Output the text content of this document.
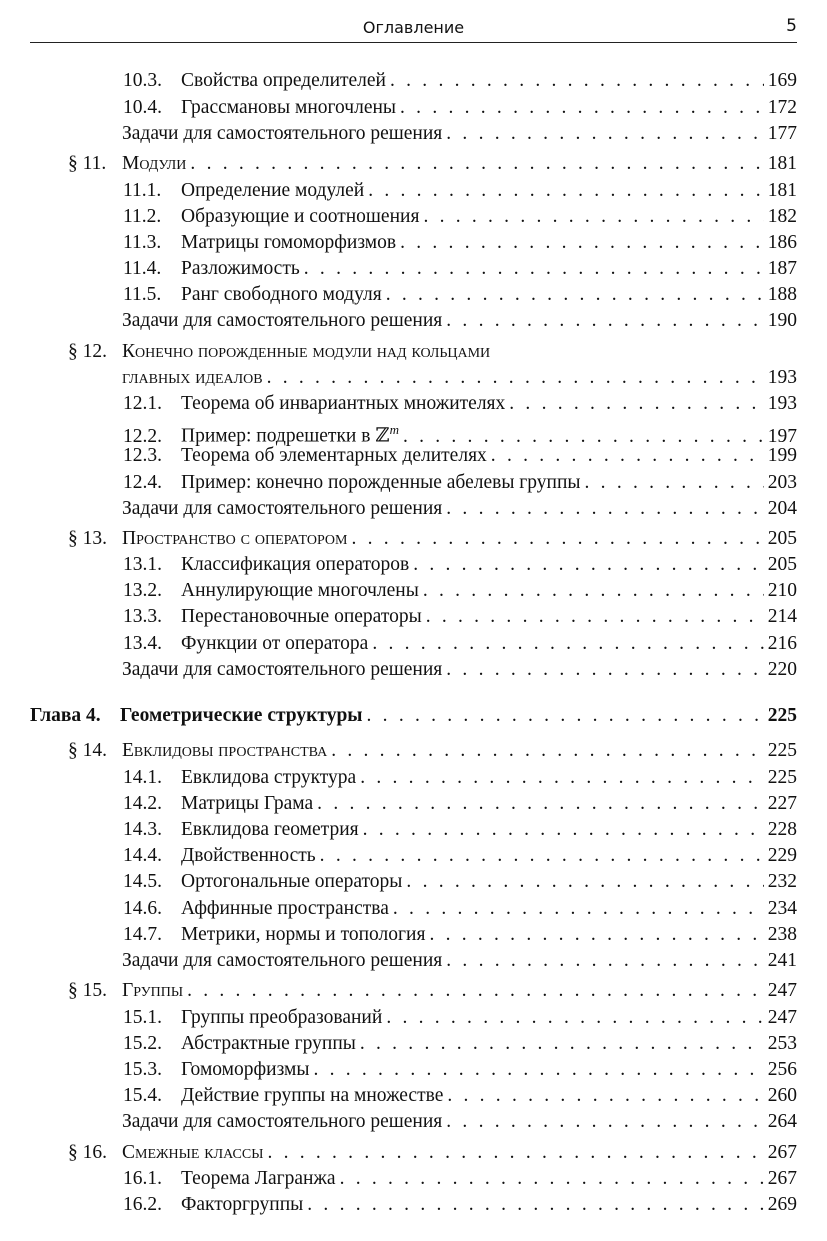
Оглавление	5
10.3. Свойства определителей . . .	169
10.4. Грассмановы многочлены . . .	172
Задачи для самостоятельного решения . . .	177
§ 11. Модули . . .	181
11.1.	Определение модулей . . .	181
11.2.	Образующие и соотношения . . .	182
11.3.	Матрицы гомоморфизмов . . .	186
11.4.	Разложимость . . .	187
11.5.	Ранг свободного модуля . . .	188
Задачи для самостоятельного решения . . .	190
§ 12. Конечно порожденные модули над кольцами
главных идеалов . . .	193
12.1. Теорема об инвариантных множителях . . .	193
12.2. Пример: подрешетки в ℤ$^m$ . . .	197
12.3. Теорема об элементарных делителях . . .	199
12.4. Пример: конечно порожденные абелевы группы . . .	203
Задачи для самостоятельного решения . . .	204
§ 13. Пространство с оператором . . .	205
13.1. Классификация операторов . . .	205
13.2. Аннулирующие многочлены . . .	210
13.3. Перестановочные операторы . . .	214
13.4. Функции от оператора . . .	216
Задачи для самостоятельного решения . . .	220
Глава 4. Геометрические структуры . . .	225
§ 14. Евклидовы пространства . . .	225
14.1. Евклидова структура . . .	225
14.2. Матрицы Грама . . .	227
14.3. Евклидова геометрия . . .	228
14.4. Двойственность . . .	229
14.5. Ортогональные операторы . . .	232
14.6. Аффинные пространства . . .	234
14.7. Метрики, нормы и топология . . .	238
Задачи для самостоятельного решения . . .	241
§ 15. Группы . . .	247
15.1. Группы преобразований . . .	247
15.2. Абстрактные группы . . .	253
15.3. Гомоморфизмы . . .	256
15.4. Действие группы на множестве . . .	260
Задачи для самостоятельного решения . . .	264
§ 16. Смежные классы . . .	267
16.1. Теорема Лагранжа . . .	267
16.2. Факторгруппы . . .	269
